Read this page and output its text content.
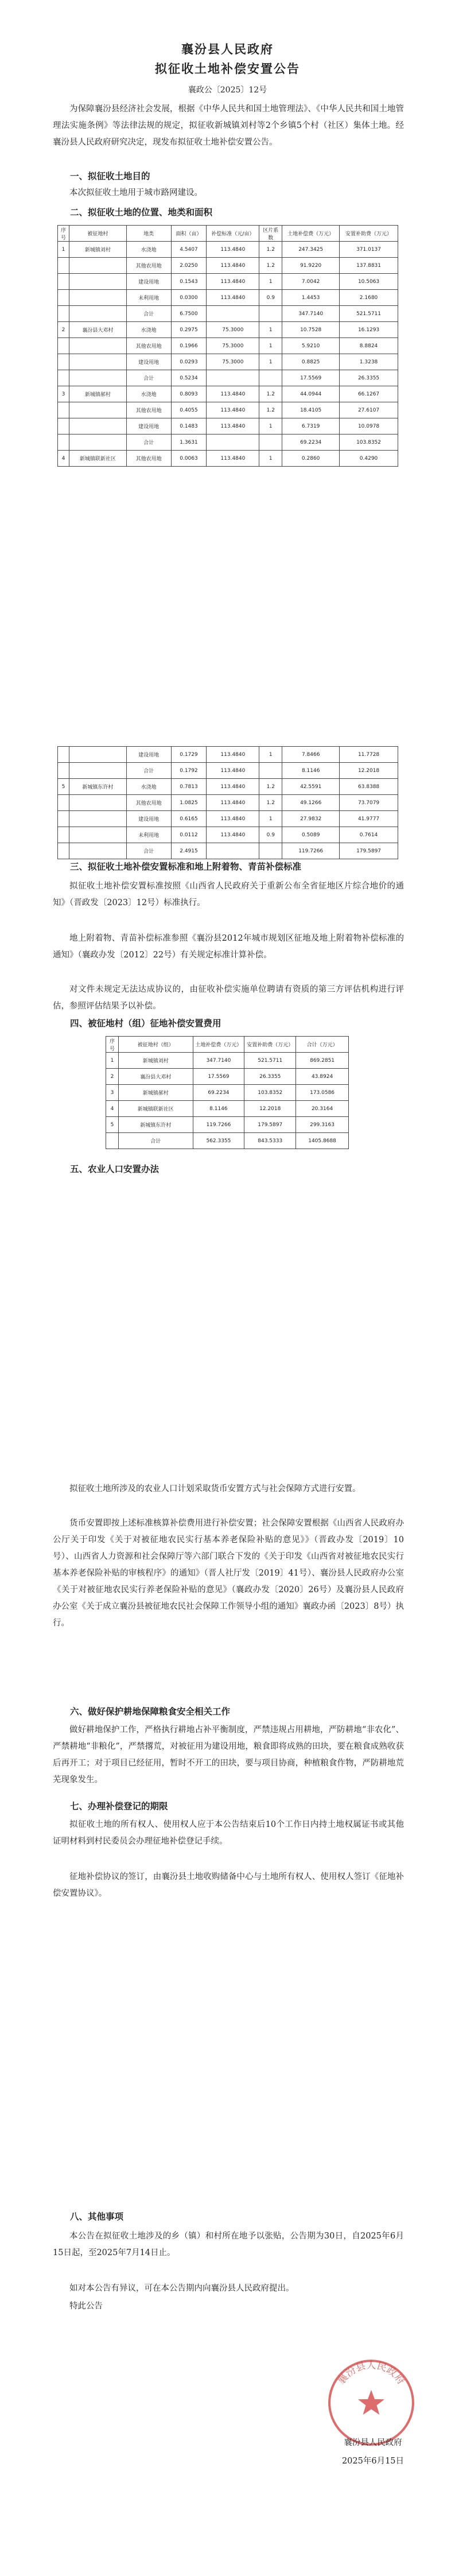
襄汾县人民政府
拟征收土地补偿安置公告
襄政公〔2025〕12号
为保障襄汾县经济社会发展，根据《中华人民共和国土地管理法》、《中华人民共和国土地管理法实施条例》等法律法规的规定，拟征收新城镇刘村等2个乡镇5个村（社区）集体土地。经襄汾县人民政府研究决定，现发布拟征收土地补偿安置公告。
一、拟征收土地目的
本次拟征收土地用于城市路网建设。
二、拟征收土地的位置、地类和面积
序号	被征地村	地类	面积（亩）	补偿标准（元/亩）	区片系数	土地补偿费（万元）	安置补助费（万元）
1	新城镇刘村	水浇地	4.5407	113.4840	1.2	247.3425	371.0137
		其他农用地	2.0250	113.4840	1.2	91.9220	137.8831
		建设用地	0.1543	113.4840	1	7.0042	10.5063
		未利用地	0.0300	113.4840	0.9	1.4453	2.1680
		合计	6.7500			347.7140	521.5711
2	襄汾县大邓村	水浇地	0.2975	75.3000	1	10.7528	16.1293
		其他农用地	0.1966	75.3000	1	5.9210	8.8824
		建设用地	0.0293	75.3000	1	0.8825	1.3238
		合计	0.5234			17.5569	26.3355
3	新城镇郝村	水浇地	0.8093	113.4840	1.2	44.0944	66.1267
		其他农用地	0.4055	113.4840	1.2	18.4105	27.6107
		建设用地	0.1483	113.4840	1	6.7319	10.0978
		合计	1.3631			69.2234	103.8352
4	新城镇联新社区	其他农用地	0.0063	113.4840	1	0.2860	0.4290
		建设用地	0.1729	113.4840	1	7.8466	11.7728
		合计	0.1792	113.4840		8.1146	12.2018
5	新城镇东许村	水浇地	0.7813	113.4840	1.2	42.5591	63.8388
		其他农用地	1.0825	113.4840	1.2	49.1266	73.7079
		建设用地	0.6165	113.4840	1	27.9832	41.9777
		未利用地	0.0112	113.4840	0.9	0.5089	0.7614
		合计	2.4915			119.7266	179.5897
三、拟征收土地补偿安置标准和地上附着物、青苗补偿标准
拟征收土地补偿安置标准按照《山西省人民政府关于重新公布全省征地区片综合地价的通知》（晋政发〔2023〕12号）标准执行。
地上附着物、青苗补偿标准参照《襄汾县2012年城市规划区征地及地上附着物补偿标准的通知》（襄政办发〔2012〕22号）有关规定标准计算补偿。
对文件未规定无法达成协议的，由征收补偿实施单位聘请有资质的第三方评估机构进行评估，参照评估结果予以补偿。
四、被征地村（组）征地补偿安置费用
序号	被征地村（组）	土地补偿费（万元）	安置补助费（万元）	合计（万元）
1	新城镇刘村	347.7140	521.5711	869.2851
2	襄汾县大邓村	17.5569	26.3355	43.8924
3	新城镇郝村	69.2234	103.8352	173.0586
4	新城镇联新社区	8.1146	12.2018	20.3164
5	新城镇东许村	119.7266	179.5897	299.3163
	合计	562.3355	843.5333	1405.8688
五、农业人口安置办法
拟征收土地所涉及的农业人口计划采取货币安置方式与社会保障方式进行安置。
货币安置即按上述标准核算补偿费用进行补偿安置；社会保障安置根据《山西省人民政府办公厅关于印发《关于对被征地农民实行基本养老保险补贴的意见》》（晋政办发〔2019〕10号）、山西省人力资源和社会保障厅等六部门联合下发的《关于印发《山西省对被征地农民实行基本养老保险补贴的审核程序》的通知》（晋人社厅发〔2019〕41号）、襄汾县人民政府办公室《关于对被征地农民实行养老保险补贴的意见》（襄政办发〔2020〕26号）及襄汾县人民政府办公室《关于成立襄汾县被征地农民社会保障工作领导小组的通知》襄政办函〔2023〕8号）执行。
六、做好保护耕地保障粮食安全相关工作
做好耕地保护工作，严格执行耕地占补平衡制度，严禁违规占用耕地，严防耕地“非农化”、严禁耕地“非粮化”，严禁撂荒，对被征用为建设用地，粮食即将成熟的田块，要在粮食成熟收获后再开工；对于项目已经征用，暂时不开工的田块，要与项目协商，种植粮食作物，严防耕地荒芜现象发生。
七、办理补偿登记的期限
拟征收土地的所有权人、使用权人应于本公告结束后10个工作日内持土地权属证书或其他证明材料到村民委员会办理征地补偿登记手续。
征地补偿协议的签订，由襄汾县土地收购储备中心与土地所有权人、使用权人签订《征地补偿安置协议》。
八、其他事项
本公告在拟征收土地涉及的乡（镇）和村所在地予以张贴，公告期为30日，自2025年6月15日起，至2025年7月14日止。
如对本公告有异议，可在本公告期内向襄汾县人民政府提出。
特此公告
襄汾县人民政府
襄汾县人民政府
2025年6月15日
